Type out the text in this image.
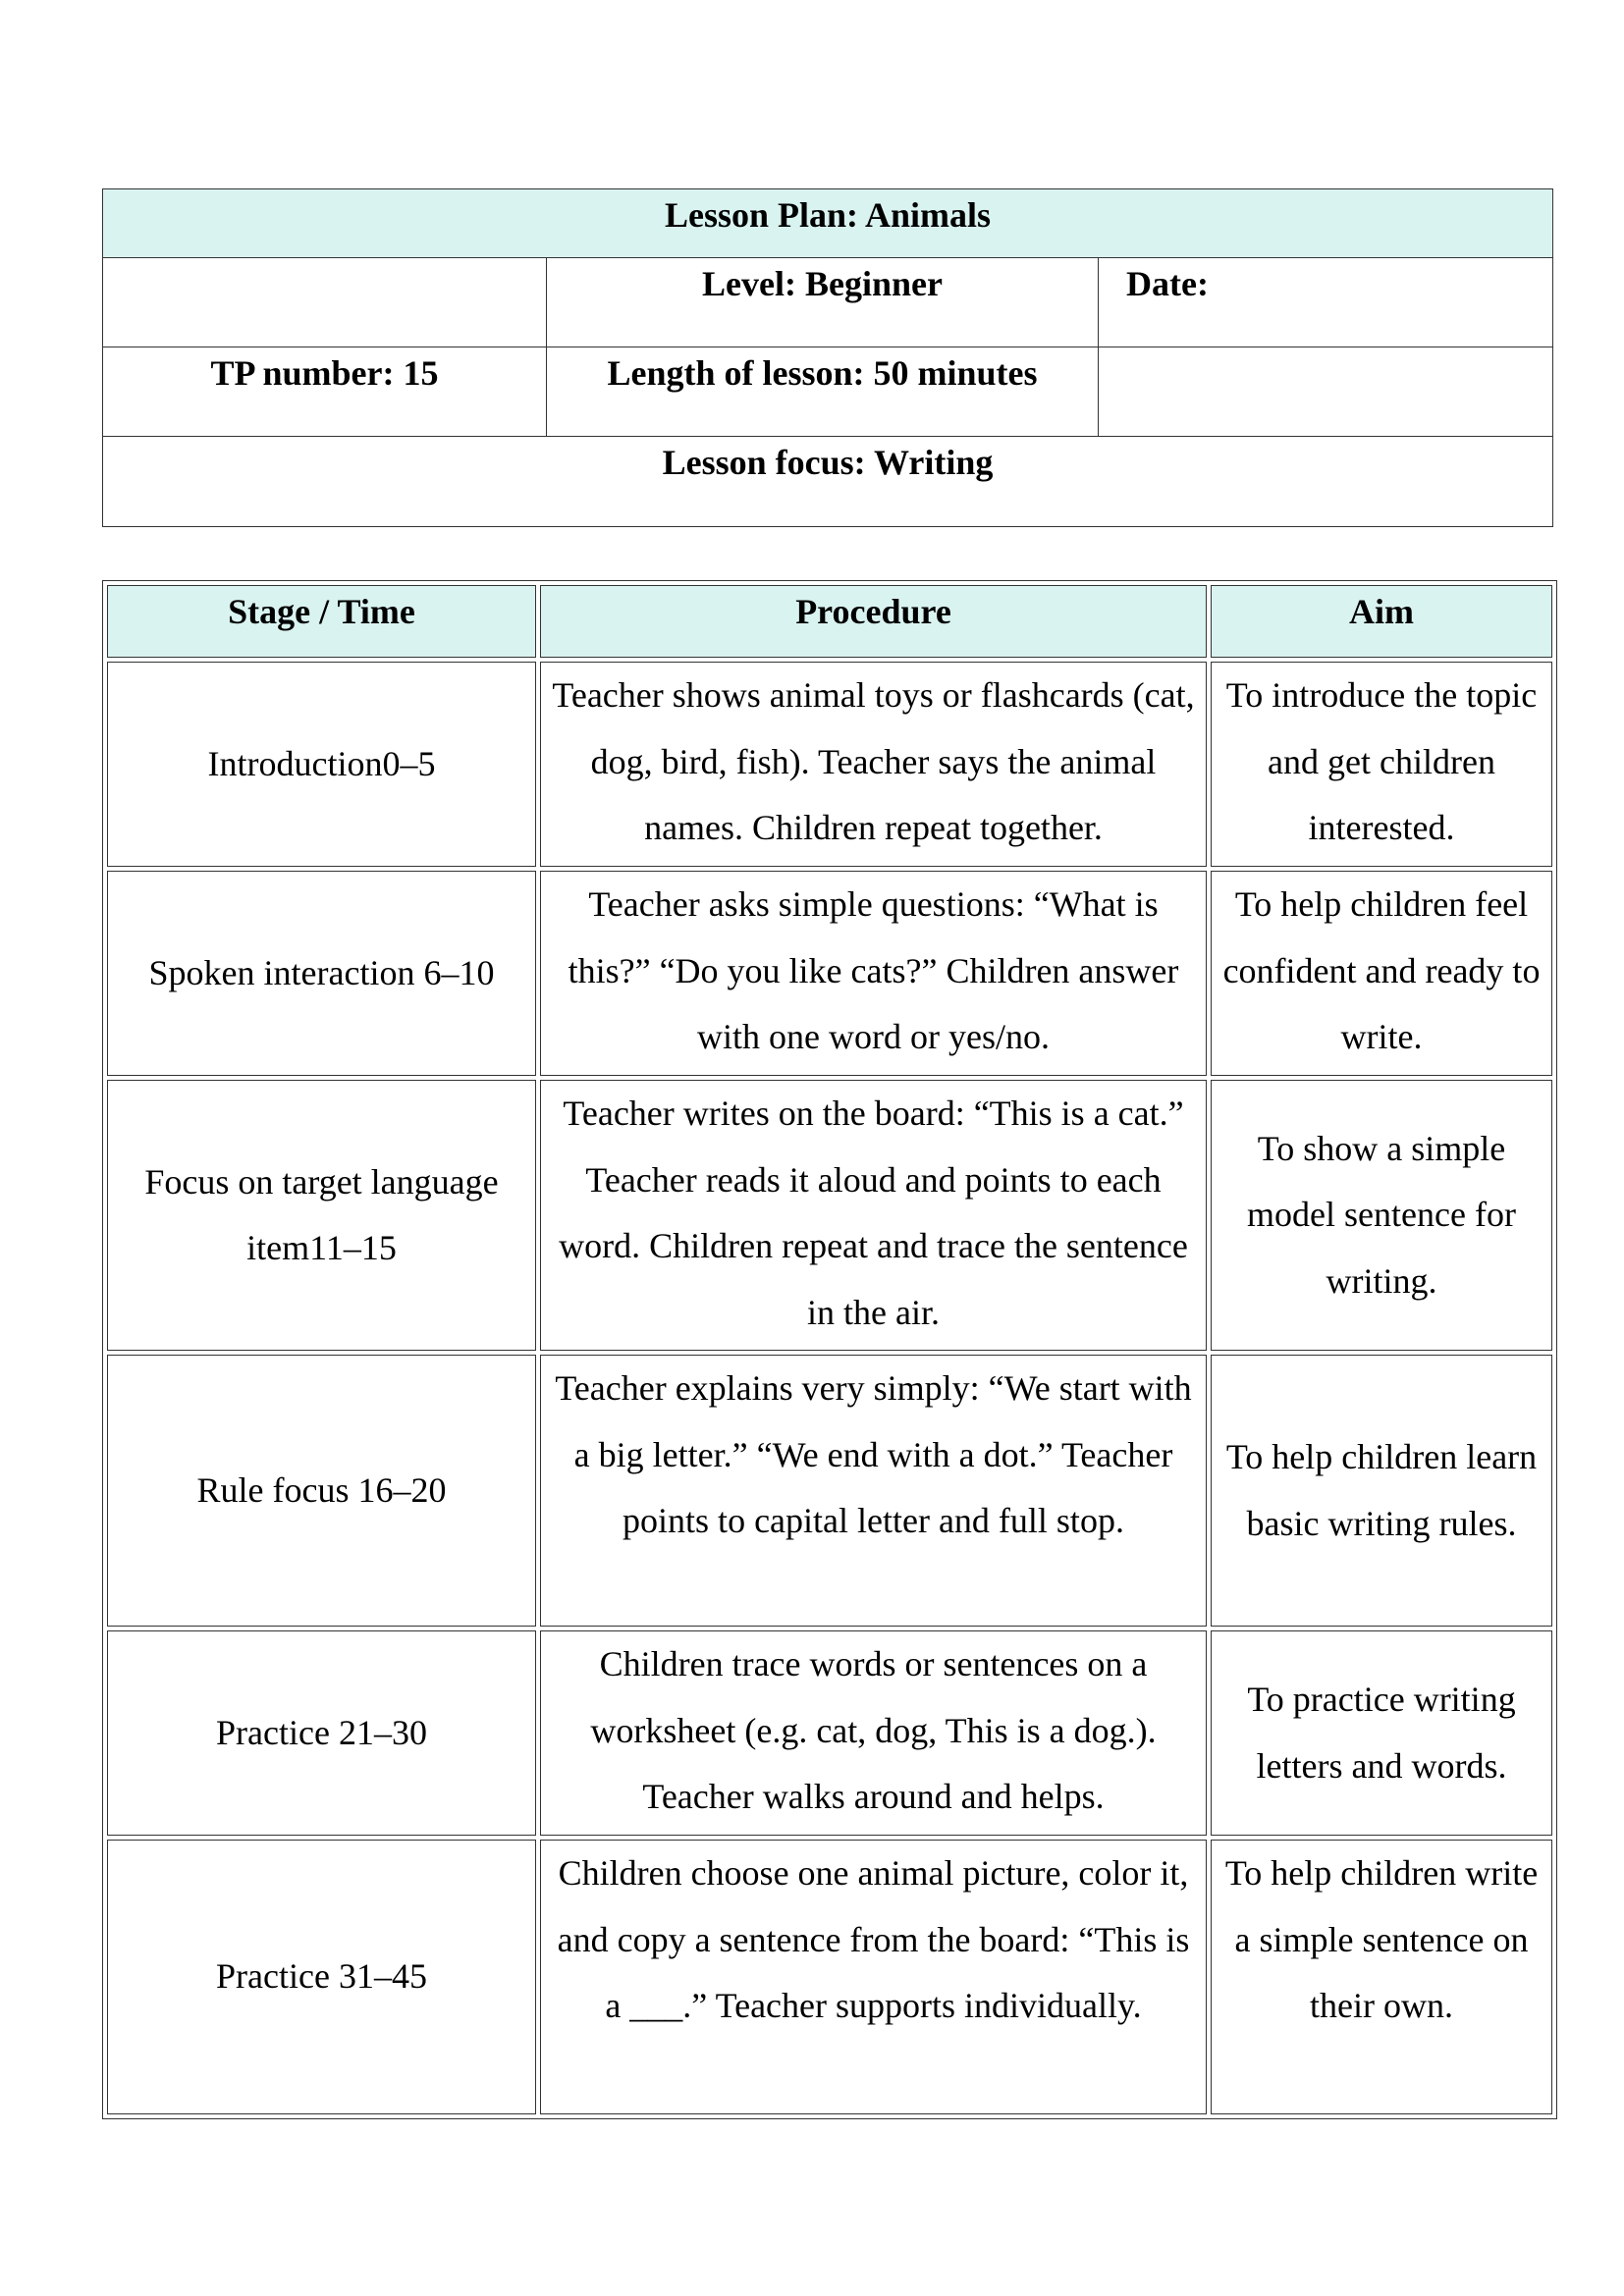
Lesson Plan: Animals		
	Level: Beginner	Date:
TP number: 15	Length of lesson: 50 minutes	
Lesson focus: Writing		
Stage / Time	Procedure	Aim
Introduction0–5	Teacher shows animal toys or flashcards (cat, dog, bird, fish). Teacher says the animal names. Children repeat together.	To introduce the topic and get children interested.
Spoken interaction 6–10	Teacher asks simple questions: “What is this?” “Do you like cats?” Children answer with one word or yes/no.	To help children feel confident and ready to write.
Focus on target language item11–15	Teacher writes on the board: “This is a cat.” Teacher reads it aloud and points to each word. Children repeat and trace the sentence in the air.	To show a simple model sentence for writing.
Rule focus 16–20	Teacher explains very simply: “We start with a big letter.” “We end with a dot.” Teacher points to capital letter and full stop.	To help children learn basic writing rules.
Practice 21–30	Children trace words or sentences on a worksheet (e.g. cat, dog, This is a dog.). Teacher walks around and helps.	To practice writing letters and words.
Practice 31–45	Children choose one animal picture, color it, and copy a sentence from the board: “This is a ___.” Teacher supports individually.	To help children write a simple sentence on their own.
